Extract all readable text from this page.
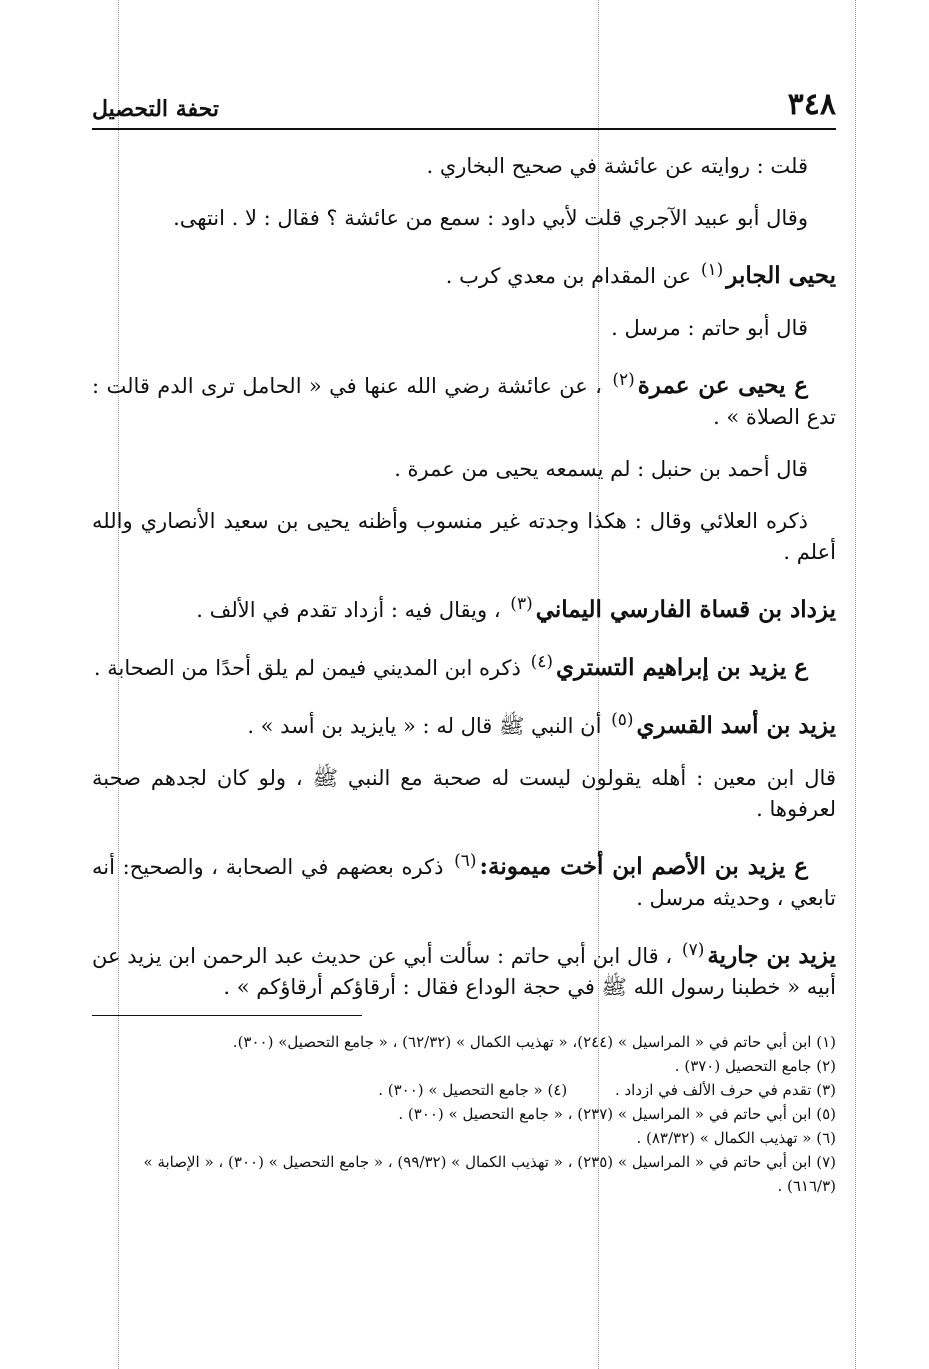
٣٤٨
تحفة التحصيل

قلت : روايته عن عائشة في صحيح البخاري .

وقال أبو عبيد الآجري قلت لأبي داود : سمع من عائشة ؟ فقال : لا . انتهى.

يحيى الجابر$^{(١)}$ عن المقدام بن معدي كرب .

قال أبو حاتم : مرسل .

ع يحيى عن عمرة$^{(٢)}$ ، عن عائشة رضي الله عنها في « الحامل ترى الدم قالت : تدع الصلاة » .

قال أحمد بن حنبل : لم يسمعه يحيى من عمرة .

ذكره العلائي وقال : هكذا وجدته غير منسوب وأظنه يحيى بن سعيد الأنصاري والله أعلم .

يزداد بن قساة الفارسي اليماني$^{(٣)}$ ، ويقال فيه : أزداد تقدم في الألف .

ع يزيد بن إبراهيم التستري$^{(٤)}$ ذكره ابن المديني فيمن لم يلق أحدًا من الصحابة .

يزيد بن أسد القسري$^{(٥)}$ أن النبي ﷺ قال له : « يايزيد بن أسد » .

قال ابن معين : أهله يقولون ليست له صحبة مع النبي ﷺ ، ولو كان لجدهم صحبة لعرفوها .

ع يزيد بن الأصم ابن أخت ميمونة:$^{(٦)}$ ذكره بعضهم في الصحابة ، والصحيح: أنه تابعي ، وحديثه مرسل .

يزيد بن جارية$^{(٧)}$ ، قال ابن أبي حاتم : سألت أبي عن حديث عبد الرحمن ابن يزيد عن أبيه « خطبنا رسول الله ﷺ في حجة الوداع فقال : أرقاؤكم أرقاؤكم » .

(١) ابن أبي حاتم في « المراسيل » (٢٤٤)، « تهذيب الكمال » (٦٢/٣٢) ، « جامع التحصيل» (٣٠٠).
(٢) جامع التحصيل (٣٧٠) .
(٣) تقدم في حرف الألف في ازداد .          (٤) « جامع التحصيل » (٣٠٠) .
(٥) ابن أبي حاتم في « المراسيل » (٢٣٧) ، « جامع التحصيل » (٣٠٠) .
(٦) « تهذيب الكمال » (٨٣/٣٢) .
(٧) ابن أبي حاتم في « المراسيل » (٢٣٥) ، « تهذيب الكمال » (٩٩/٣٢) ، « جامع التحصيل » (٣٠٠) ، « الإصابة » (٦١٦/٣) .
